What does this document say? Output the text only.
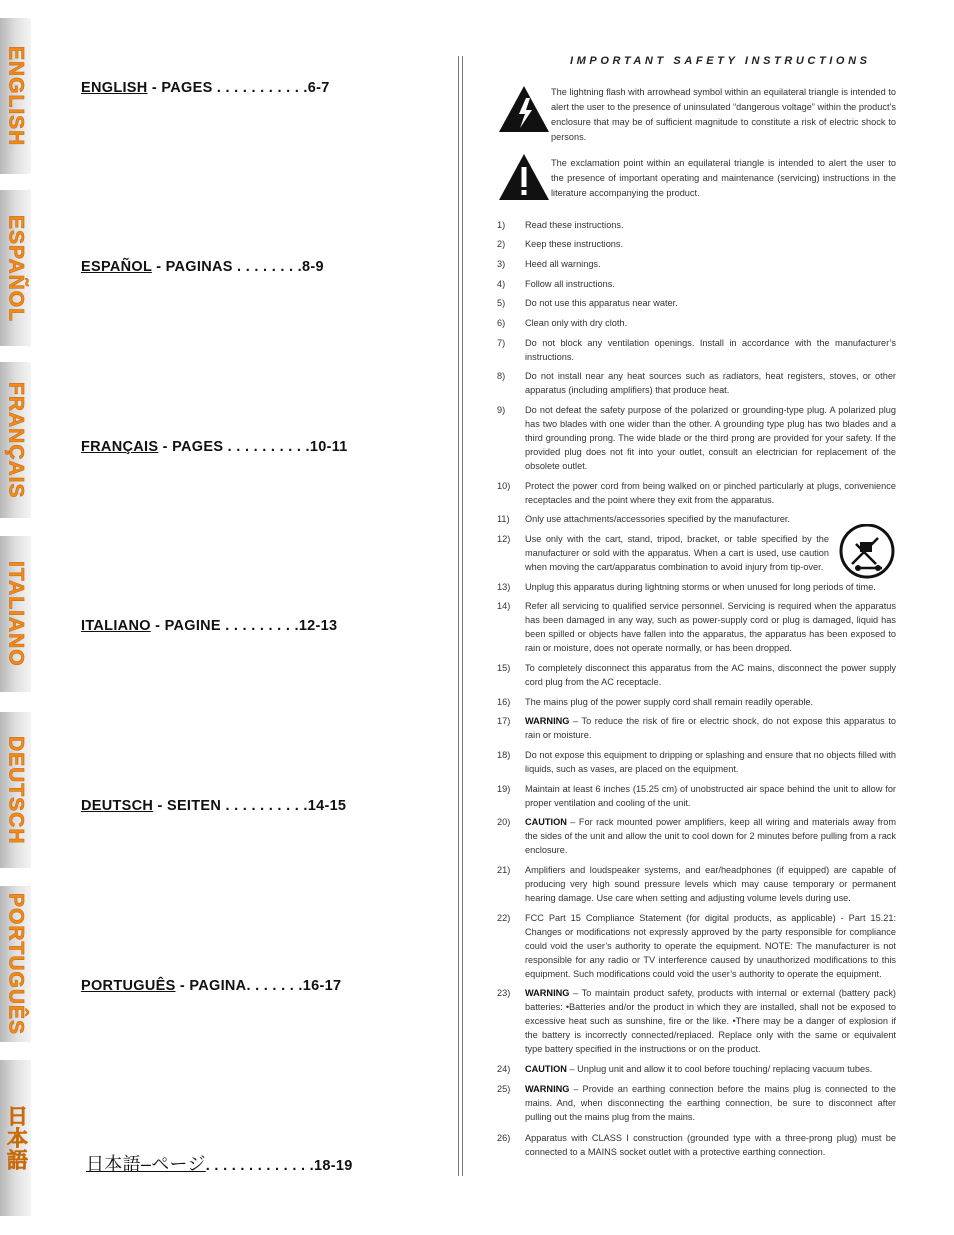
ENGLISH
ESPAÑOL
FRANÇAIS
ITALIANO
DEUTSCH
PORTUGUÊS
日本語
ENGLISH - PAGES . . . . . . . . . . .6-7
ESPAÑOL - PAGINAS . . . . . . . .8-9
FRANÇAIS - PAGES . . . . . . . . . .10-11
ITALIANO - PAGINE . . . . . . . . .12-13
DEUTSCH - SEITEN . . . . . . . . . .14-15
PORTUGUÊS - PAGINA. . . . . . .16-17
日本語–ページ. . . . . . . . . . . . .18-19
IMPORTANT SAFETY INSTRUCTIONS
The lightning flash with arrowhead symbol within an equilateral triangle is intended to alert the user to the presence of uninsulated “dangerous voltage” within the product’s enclosure that may be of sufficient magnitude to constitute a risk of electric shock to persons.
The exclamation point within an equilateral triangle is intended to alert the user to the presence of important operating and maintenance (servicing) instructions in the literature accompanying the product.
1)	Read these instructions.
2)	Keep these instructions.
3)	Heed all warnings.
4)	Follow all instructions.
5)	Do not use this apparatus near water.
6)	Clean only with dry cloth.
7)	Do not block any ventilation openings. Install in accordance with the manufacturer’s instructions.
8)	Do not install near any heat sources such as radiators, heat registers, stoves, or other apparatus (including amplifiers) that produce heat.
9)	Do not defeat the safety purpose of the polarized or grounding-type plug. A polarized plug has two blades with one wider than the other. A grounding type plug has two blades and a third grounding prong. The wide blade or the third prong are provided for your safety. If the provided plug does not fit into your outlet, consult an electrician for replacement of the obsolete outlet.
10)	Protect the power cord from being walked on or pinched particularly at plugs, convenience receptacles and the point where they exit from the apparatus.
11)	Only use attachments/accessories specified by the manufacturer.
12)	Use only with the cart, stand, tripod, bracket, or table specified by the manufacturer or sold with the apparatus. When a cart is used, use caution when moving the cart/apparatus combination to avoid injury from tip-over.
13)	Unplug this apparatus during lightning storms or when unused for long periods of time.
14)	Refer all servicing to qualified service personnel. Servicing is required when the apparatus has been damaged in any way, such as power-supply cord or plug is damaged, liquid has been spilled or objects have fallen into the apparatus, the apparatus has been exposed to rain or moisture, does not operate normally, or has been dropped.
15)	To completely disconnect this apparatus from the AC mains, disconnect the power supply cord plug from the AC receptacle.
16)	The mains plug of the power supply cord shall remain readily operable.
17)	WARNING – To reduce the risk of fire or electric shock, do not expose this apparatus to rain or moisture.
18)	Do not expose this equipment to dripping or splashing and ensure that no objects filled with liquids, such as vases, are placed on the equipment.
19)	Maintain at least 6 inches (15.25 cm) of unobstructed air space behind the unit to allow for proper ventilation and cooling of the unit.
20)	CAUTION – For rack mounted power amplifiers, keep all wiring and materials away from the sides of the unit and allow the unit to cool down for 2 minutes before pulling from a rack enclosure.
21)	Amplifiers and loudspeaker systems, and ear/headphones (if equipped) are capable of producing very high sound pressure levels which may cause temporary or permanent hearing damage. Use care when setting and adjusting volume levels during use.
22)	FCC Part 15 Compliance Statement (for digital products, as applicable) - Part 15.21: Changes or modifications not expressly approved by the party responsible for compliance could void the user’s authority to operate the equipment. NOTE: The manufacturer is not responsible for any radio or TV interference caused by unauthorized modifications to this equipment. Such modifications could void the user’s authority to operate the equipment.
23)	WARNING – To maintain product safety, products with internal or external (battery pack) batteries: •Batteries and/or the product in which they are installed, shall not be exposed to excessive heat such as sunshine, fire or the like. •There may be a danger of explosion if the battery is incorrectly connected/replaced. Replace only with the same or equivalent type battery specified in the instructions or on the product.
24)	CAUTION – Unplug unit and allow it to cool before touching/ replacing vacuum tubes.
25)	WARNING – Provide an earthing connection before the mains plug is connected to the mains. And, when disconnecting the earthing connection, be sure to disconnect after pulling out the mains plug from the mains.
26)	Apparatus with CLASS I construction (grounded type with a three-prong plug) must be connected to a MAINS socket outlet with a protective earthing connection.
